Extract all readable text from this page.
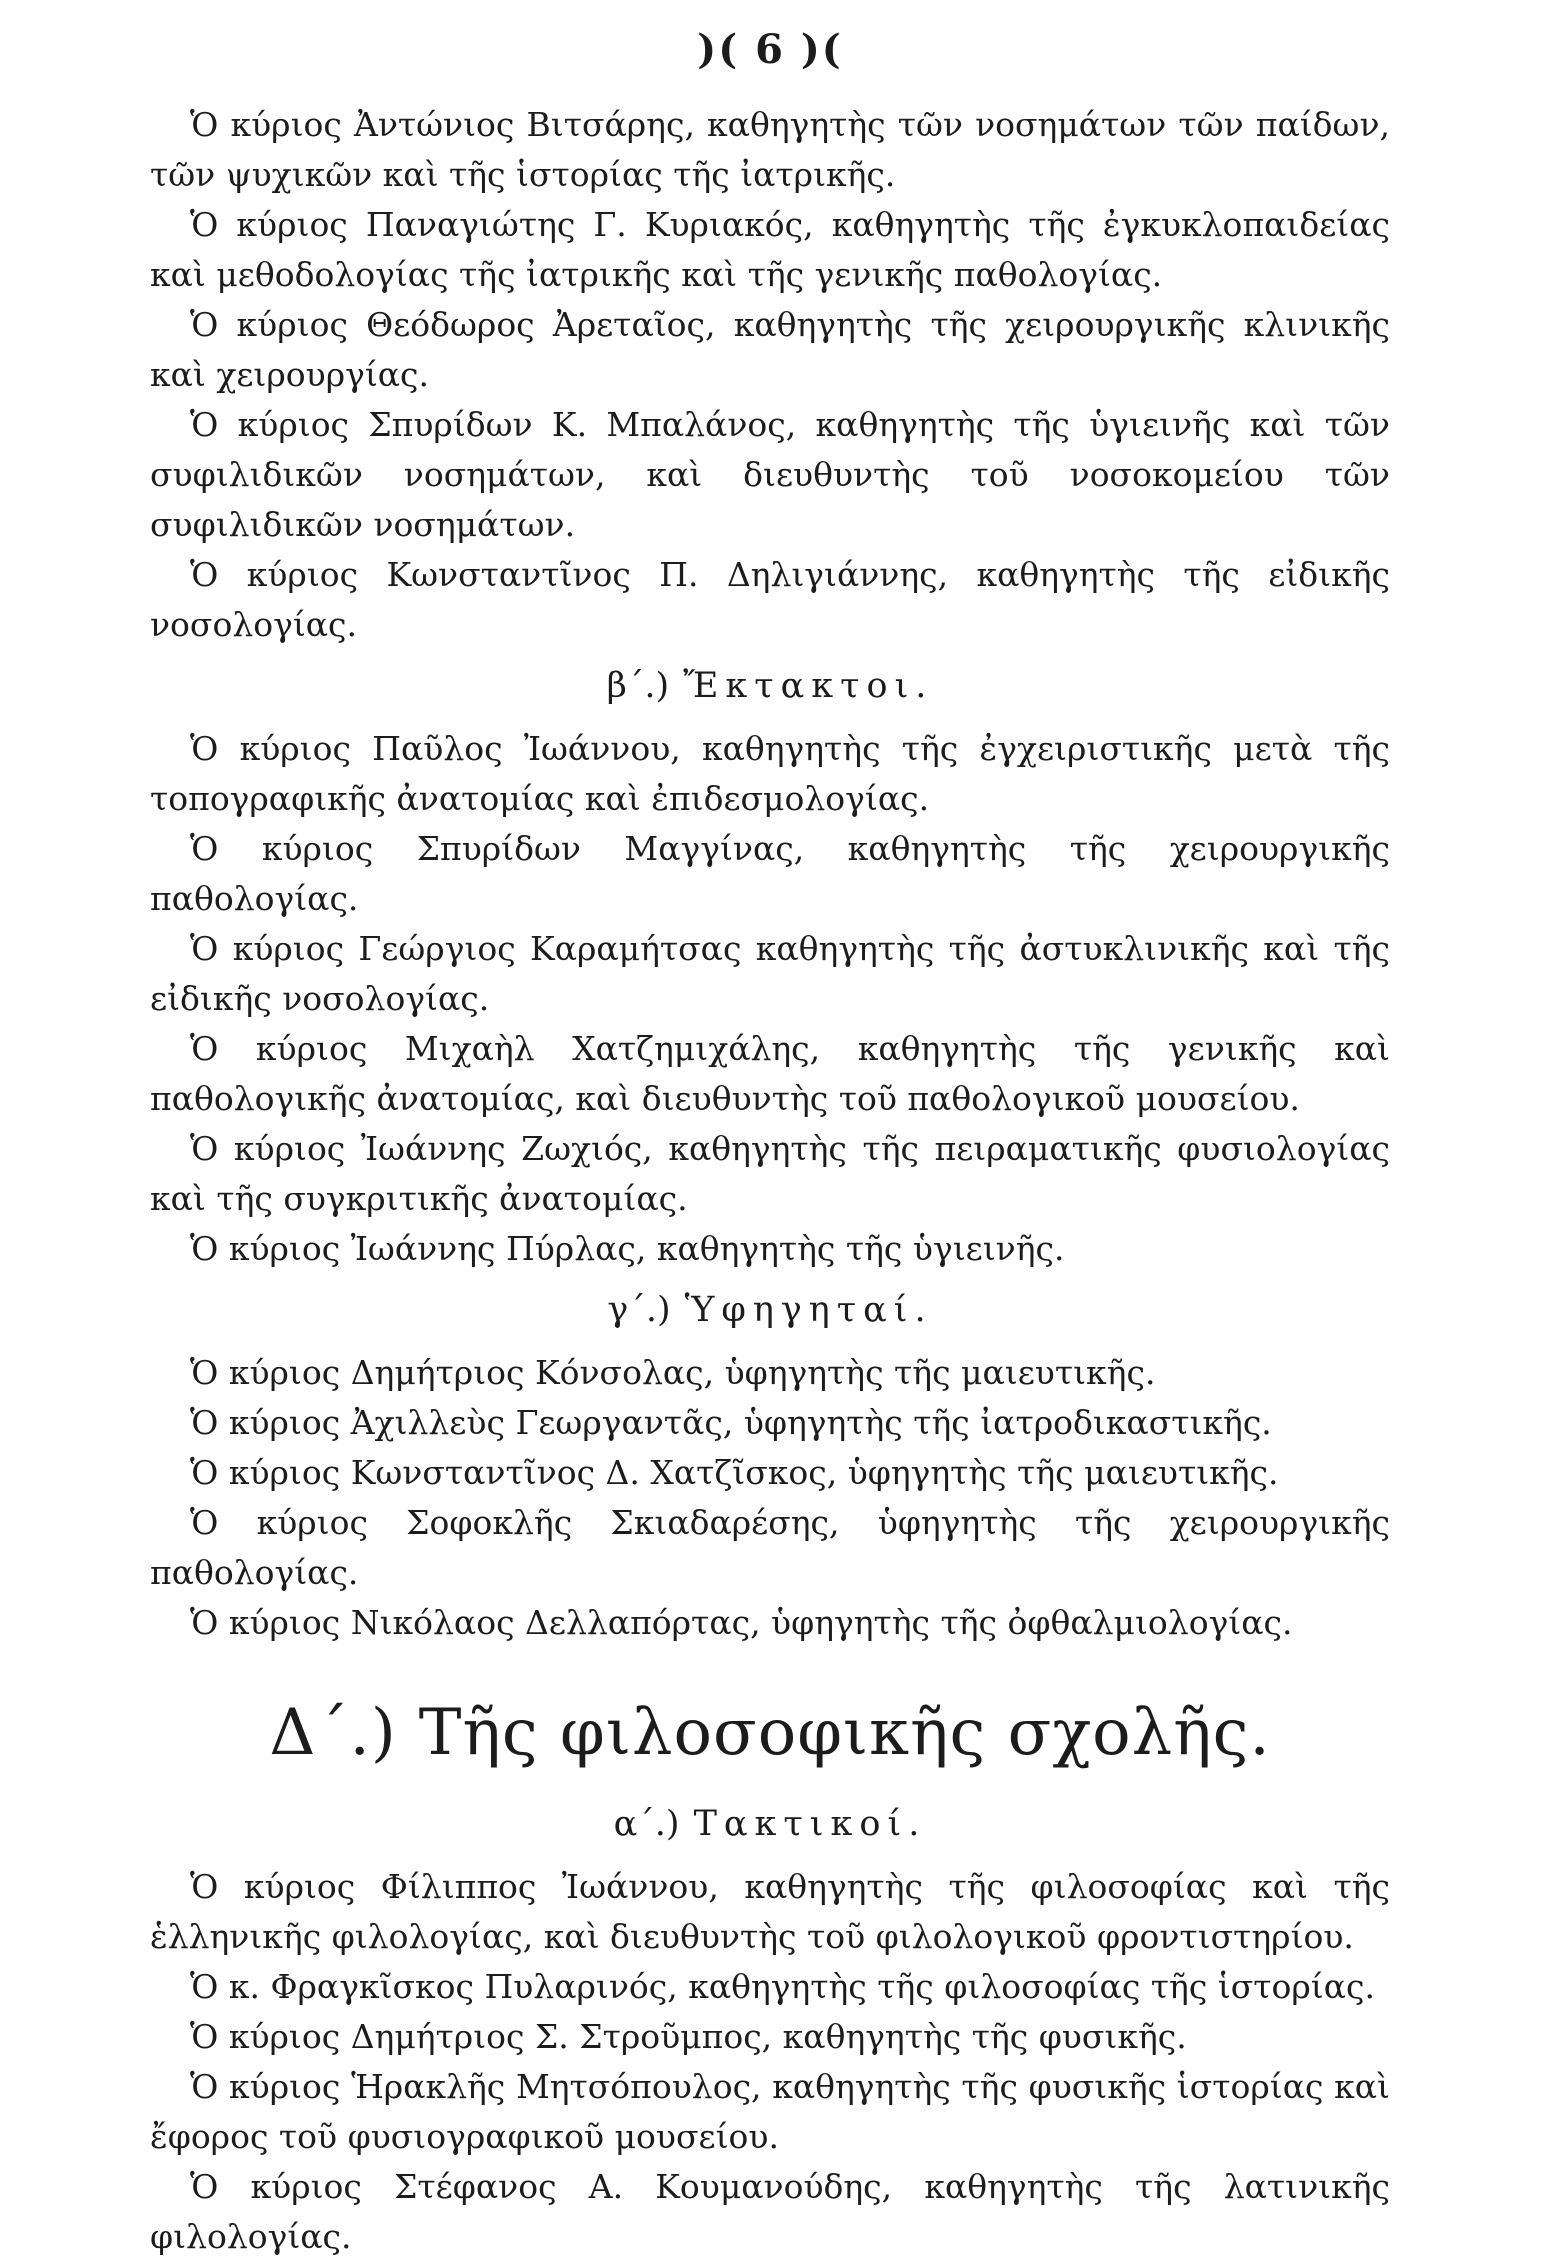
)( 6 )(

Ὁ κύριος Ἀντώνιος Βιτσάρης, καθηγητὴς τῶν νοσημάτων τῶν παίδων, τῶν ψυχικῶν καὶ τῆς ἱστορίας τῆς ἰατρικῆς.

Ὁ κύριος Παναγιώτης Γ. Κυριακός, καθηγητὴς τῆς ἐγκυκλοπαιδείας καὶ μεθοδολογίας τῆς ἰατρικῆς καὶ τῆς γενικῆς παθολογίας.

Ὁ κύριος Θεόδωρος Ἀρεταῖος, καθηγητὴς τῆς χειρουργικῆς κλινικῆς καὶ χειρουργίας.

Ὁ κύριος Σπυρίδων Κ. Μπαλάνος, καθηγητὴς τῆς ὑγιεινῆς καὶ τῶν συφιλιδικῶν νοσημάτων, καὶ διευθυντὴς τοῦ νοσοκομείου τῶν συφιλιδικῶν νοσημάτων.

Ὁ κύριος Κωνσταντῖνος Π. Δηλιγιάννης, καθηγητὴς τῆς εἰδικῆς νοσολογίας.

β΄.) Ἔκτακτοι.

Ὁ κύριος Παῦλος Ἰωάννου, καθηγητὴς τῆς ἐγχειριστικῆς μετὰ τῆς τοπογραφικῆς ἀνατομίας καὶ ἐπιδεσμολογίας.

Ὁ κύριος Σπυρίδων Μαγγίνας, καθηγητὴς τῆς χειρουργικῆς παθολογίας.

Ὁ κύριος Γεώργιος Καραμήτσας καθηγητὴς τῆς ἀστυκλινικῆς καὶ τῆς εἰδικῆς νοσολογίας.

Ὁ κύριος Μιχαὴλ Χατζημιχάλης, καθηγητὴς τῆς γενικῆς καὶ παθολογικῆς ἀνατομίας, καὶ διευθυντὴς τοῦ παθολογικοῦ μουσείου.

Ὁ κύριος Ἰωάννης Ζωχιός, καθηγητὴς τῆς πειραματικῆς φυσιολογίας καὶ τῆς συγκριτικῆς ἀνατομίας.

Ὁ κύριος Ἰωάννης Πύρλας, καθηγητὴς τῆς ὑγιεινῆς.

γ΄.) Ὑφηγηταί.

Ὁ κύριος Δημήτριος Κόνσολας, ὑφηγητὴς τῆς μαιευτικῆς.

Ὁ κύριος Ἀχιλλεὺς Γεωργαντᾶς, ὑφηγητὴς τῆς ἰατροδικαστικῆς.

Ὁ κύριος Κωνσταντῖνος Δ. Χατζῖσκος, ὑφηγητὴς τῆς μαιευτικῆς.

Ὁ κύριος Σοφοκλῆς Σκιαδαρέσης, ὑφηγητὴς τῆς χειρουργικῆς παθολογίας.

Ὁ κύριος Νικόλαος Δελλαπόρτας, ὑφηγητὴς τῆς ὀφθαλμιολογίας.

Δ΄.) Τῆς φιλοσοφικῆς σχολῆς.
α΄.) Τακτικοί.

Ὁ κύριος Φίλιππος Ἰωάννου, καθηγητὴς τῆς φιλοσοφίας καὶ τῆς ἑλληνικῆς φιλολογίας, καὶ διευθυντὴς τοῦ φιλολογικοῦ φροντιστηρίου.

Ὁ κ. Φραγκῖσκος Πυλαρινός, καθηγητὴς τῆς φιλοσοφίας τῆς ἱστορίας.

Ὁ κύριος Δημήτριος Σ. Στροῦμπος, καθηγητὴς τῆς φυσικῆς.

Ὁ κύριος Ἡρακλῆς Μητσόπουλος, καθηγητὴς τῆς φυσικῆς ἱστορίας καὶ ἔφορος τοῦ φυσιογραφικοῦ μουσείου.

Ὁ κύριος Στέφανος Α. Κουμανούδης, καθηγητὴς τῆς λατινικῆς φιλολογίας.
